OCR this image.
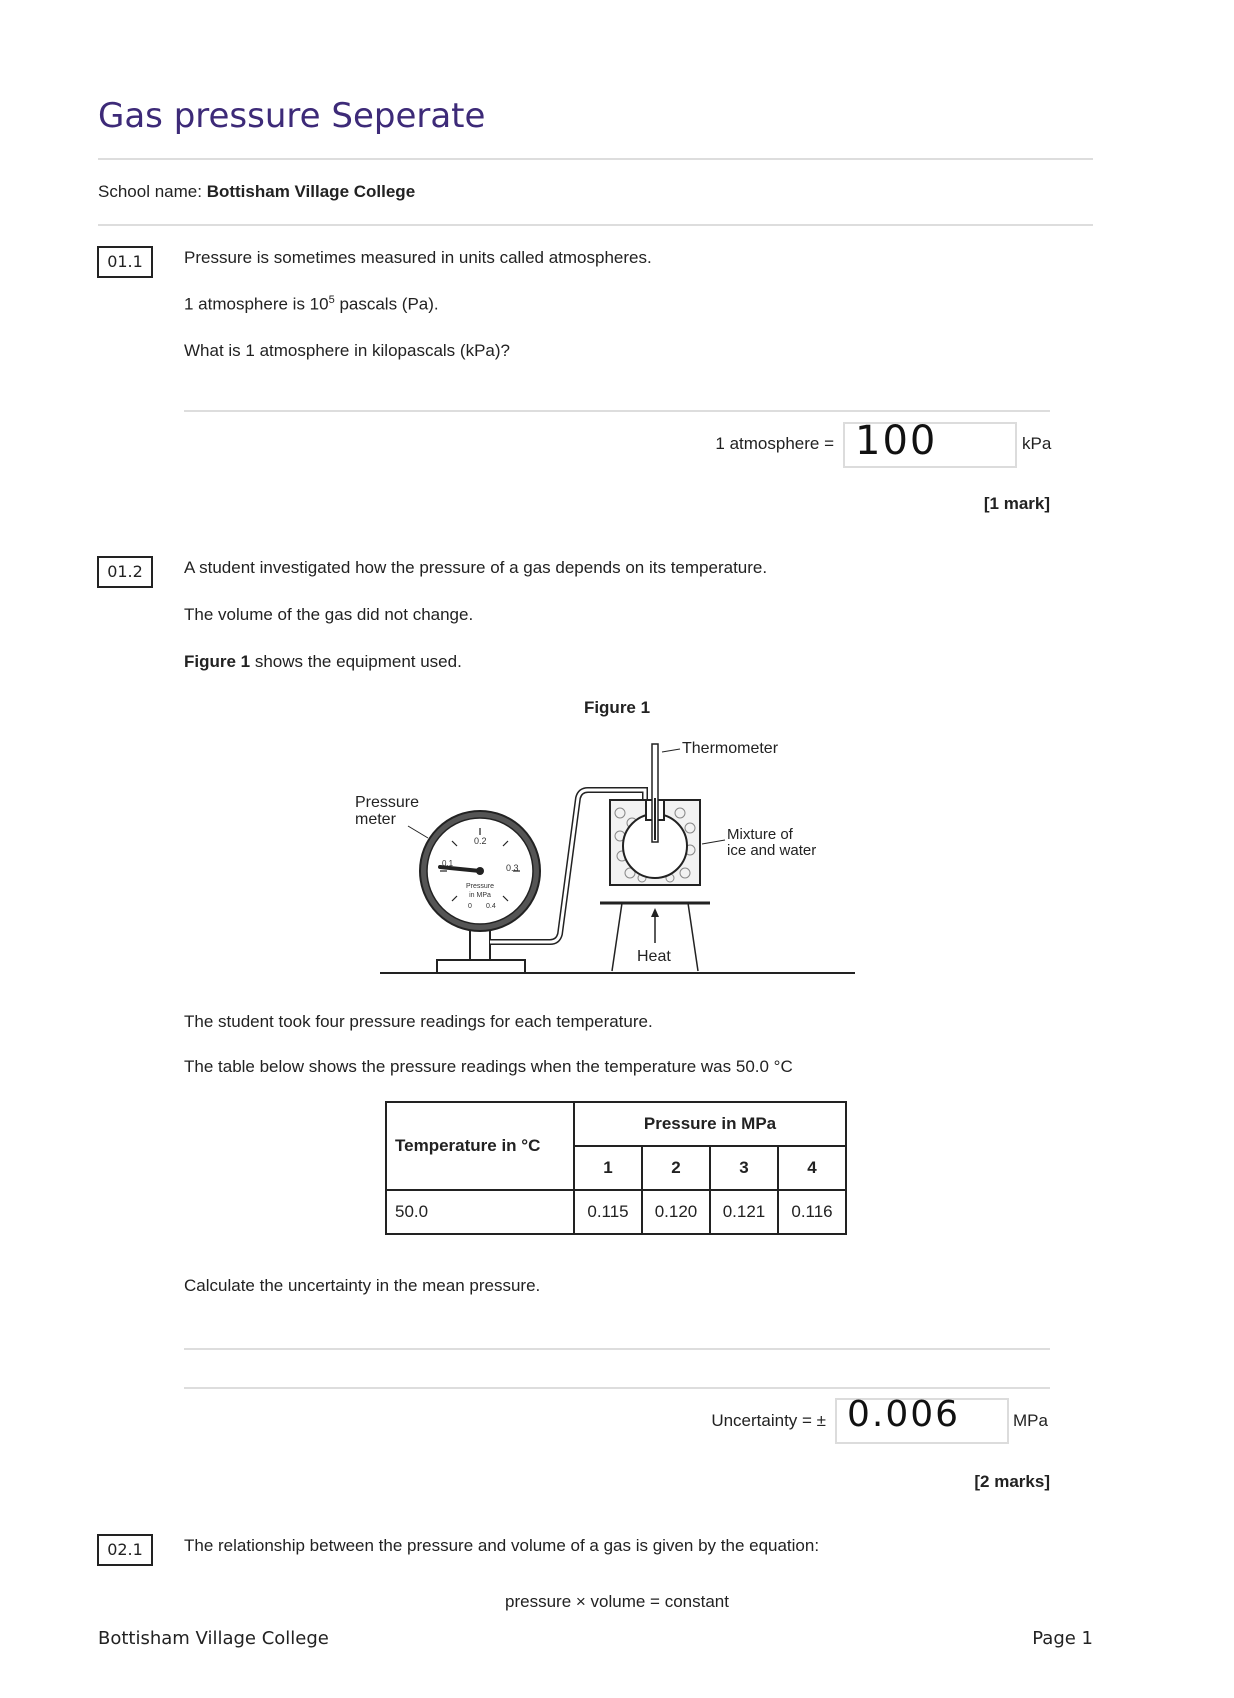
Gas pressure Seperate
School name: Bottisham Village College
01.1	Pressure is sometimes measured in units called atmospheres.
1 atmosphere is $10^5$ pascals (Pa).
What is 1 atmosphere in kilopascals (kPa)?
1 atmosphere = 100	kPa
[1 mark]
01.2	A student investigated how the pressure of a gas depends on its temperature.
The volume of the gas did not change.
Figure 1 shows the equipment used.
Figure 1
0.2
0.3
0.1
Pressure
in MPa
0 0.4
Thermometer
Pressure
meter
Mixture of
ice and water
Heat
The student took four pressure readings for each temperature.
The table below shows the pressure readings when the temperature was 50.0 °C
Temperature in °C	Pressure in MPa			
	1	2	3	4
50.0	0.115	0.120	0.121	0.116
Calculate the uncertainty in the mean pressure.
Uncertainty = ± 0.006	MPa
[2 marks]
02.1	The relationship between the pressure and volume of a gas is given by the equation:
pressure × volume = constant
Bottisham Village College	Page 1
